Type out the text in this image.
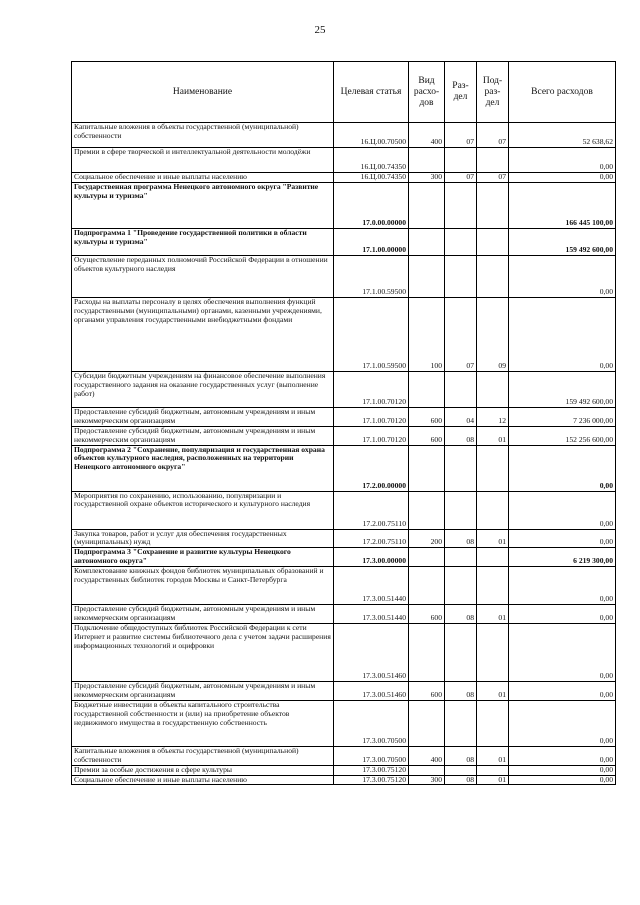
25
Наименование	Целевая статья	Вид расхо-дов	Раз-дел	Под-раз-дел	Всего расходов
Капитальные вложения в объекты государственной (муниципальной) собственности	16.Ц.00.70500	400	07	07	52 638,62
Премии в сфере творческой и интеллектуальной деятельности молодёжи	16.Ц.00.74350				0,00
Социальное обеспечение и иные выплаты населению	16.Ц.00.74350	300	07	07	0,00
Государственная программа Ненецкого автономного округа "Развитие культуры и туризма"	17.0.00.00000				166 445 100,00
Подпрограмма 1 "Проведение государственной политики в области культуры и туризма"	17.1.00.00000				159 492 600,00
Осуществление переданных полномочий Российской Федерации в отношении объектов культурного наследия	17.1.00.59500				0,00
Расходы на выплаты персоналу в целях обеспечения выполнения функций государственными (муниципальными) органами, казенными учреждениями, органами управления государственными внебюджетными фондами	17.1.00.59500	100	07	09	0,00
Субсидии бюджетным учреждениям на финансовое обеспечение выполнения государственного задания на оказание государственных услуг (выполнение работ)	17.1.00.70120				159 492 600,00
Предоставление субсидий бюджетным, автономным учреждениям и иным некоммерческим организациям	17.1.00.70120	600	04	12	7 236 000,00
Предоставление субсидий бюджетным, автономным учреждениям и иным некоммерческим организациям	17.1.00.70120	600	08	01	152 256 600,00
Подпрограмма 2 "Сохранение, популяризация и государственная охрана объектов культурного наследия, расположенных на территории Ненецкого автономного округа"	17.2.00.00000				0,00
Мероприятия по сохранению, использованию, популяризации и государственной охране объектов исторического и культурного наследия	17.2.00.75110				0,00
Закупка товаров, работ и услуг для обеспечения государственных (муниципальных) нужд	17.2.00.75110	200	08	01	0,00
Подпрограмма 3 "Сохранение и развитие культуры Ненецкого автономного округа"	17.3.00.00000				6 219 300,00
Комплектование книжных фондов библиотек муниципальных образований и государственных библиотек городов Москвы и Санкт-Петербурга	17.3.00.51440				0,00
Предоставление субсидий бюджетным, автономным учреждениям и иным некоммерческим организациям	17.3.00.51440	600	08	01	0,00
Подключение общедоступных библиотек Российской Федерации к сети Интернет и развитие системы библиотечного дела с учетом задачи расширения информационных технологий и оцифровки	17.3.00.51460				0,00
Предоставление субсидий бюджетным, автономным учреждениям и иным некоммерческим организациям	17.3.00.51460	600	08	01	0,00
Бюджетные инвестиции в объекты капитального строительства государственной собственности и (или) на приобретение объектов недвижимого имущества в государственную собственность	17.3.00.70500				0,00
Капитальные вложения в объекты государственной (муниципальной) собственности	17.3.00.70500	400	08	01	0,00
Премии за особые достижения в сфере культуры	17.3.00.75120				0,00
Социальное обеспечение и иные выплаты населению	17.3.00.75120	300	08	01	0,00
